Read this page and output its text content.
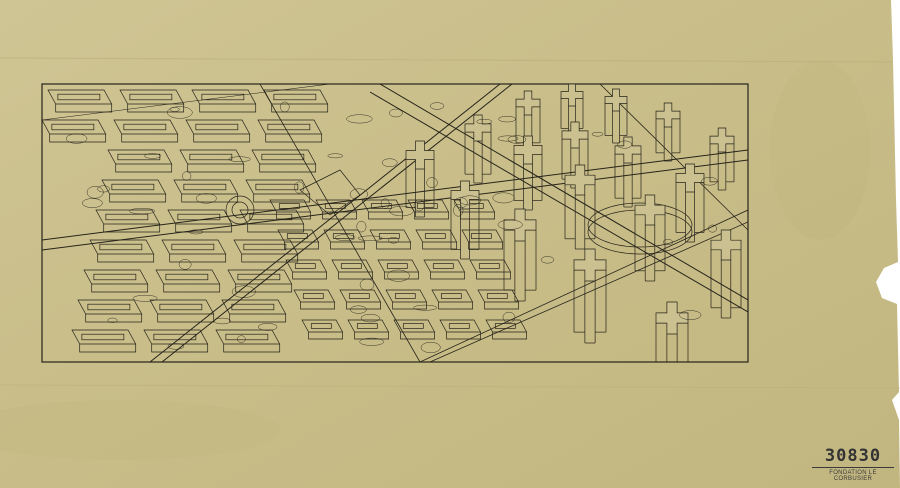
30830
FONDATION LE CORBUSIER
